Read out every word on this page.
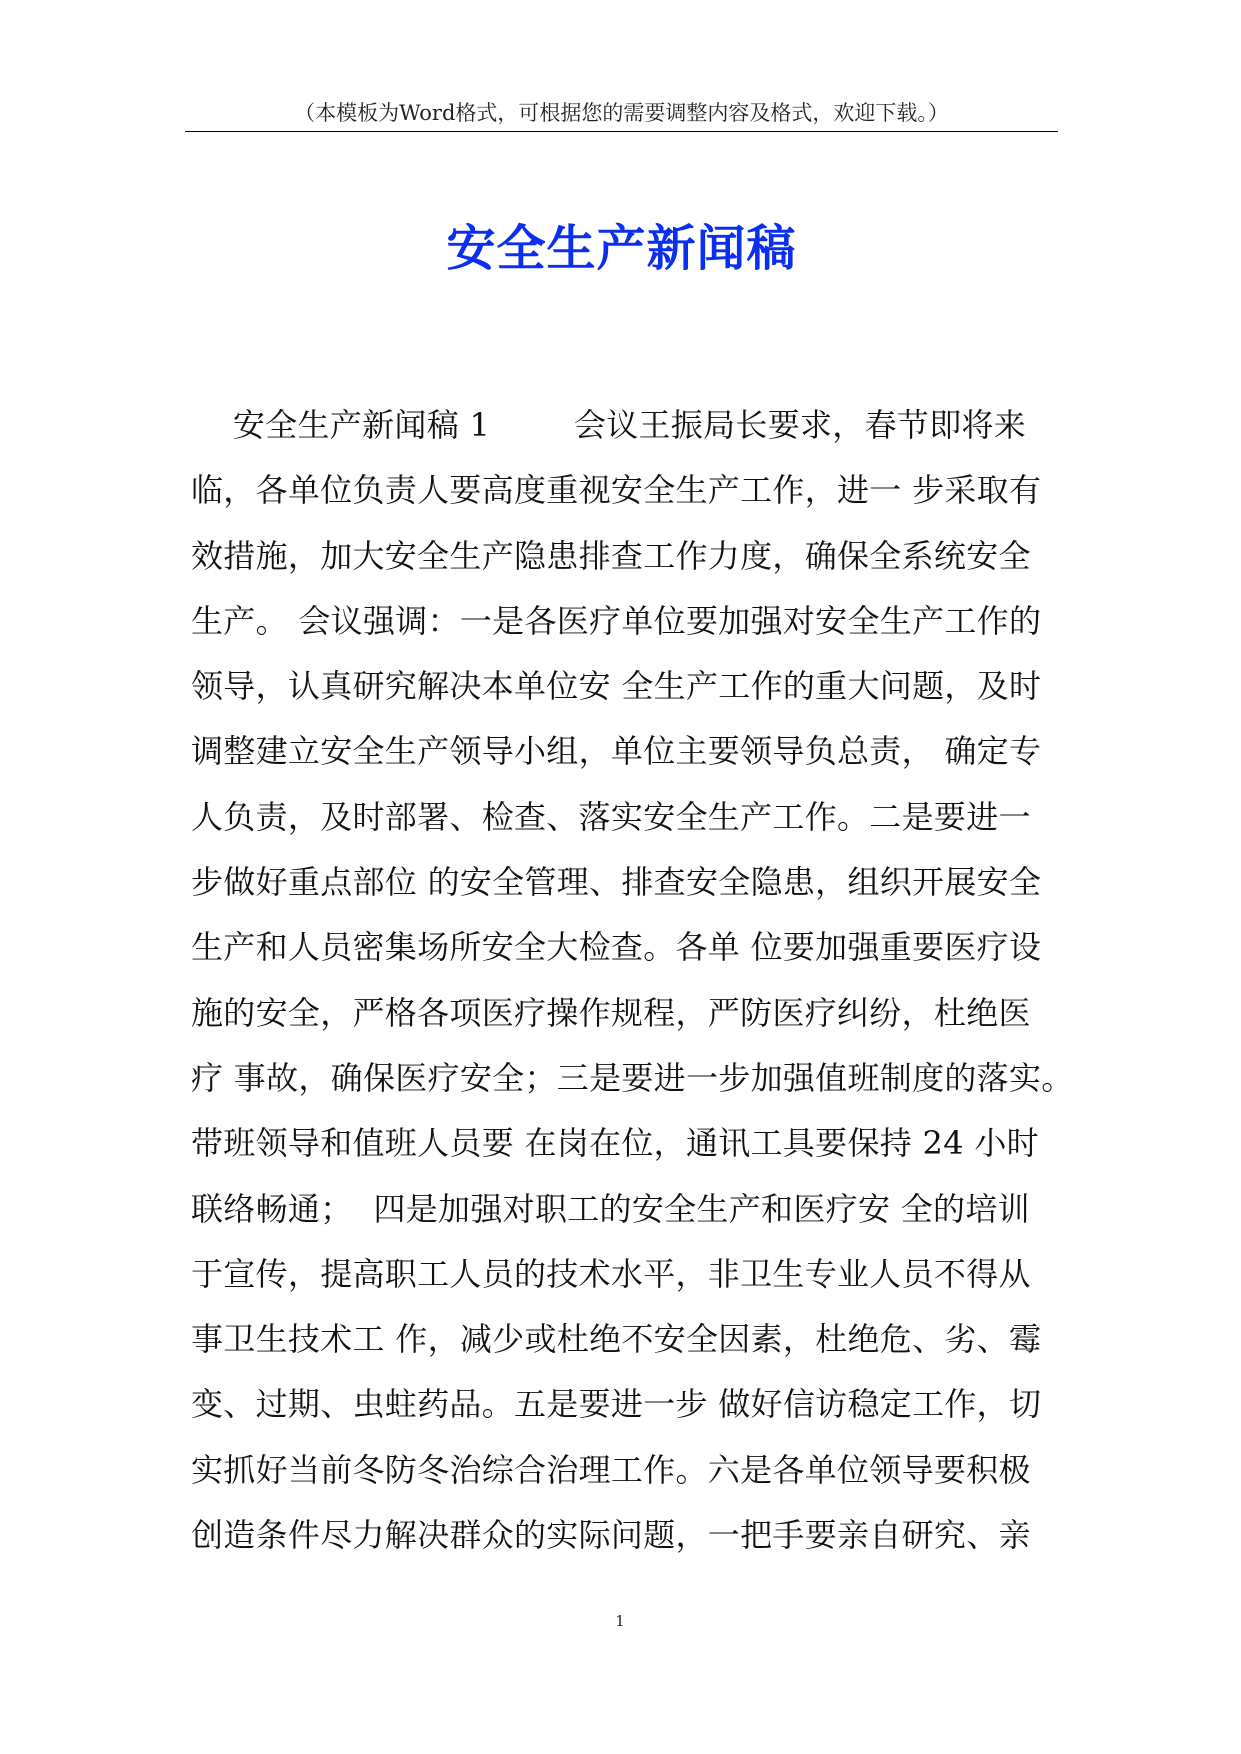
（本模板为Word格式，可根据您的需要调整内容及格式，欢迎下载。）
安全生产新闻稿
安全生产新闻稿 1        会议王振局长要求，春节即将来
临，各单位负责人要高度重视安全生产工作，进一 步采取有
效措施，加大安全生产隐患排查工作力度，确保全系统安全
生产。 会议强调：一是各医疗单位要加强对安全生产工作的
领导，认真研究解决本单位安 全生产工作的重大问题，及时
调整建立安全生产领导小组，单位主要领导负总责， 确定专
人负责，及时部署、检查、落实安全生产工作。二是要进一
步做好重点部位 的安全管理、排查安全隐患，组织开展安全
生产和人员密集场所安全大检查。各单 位要加强重要医疗设
施的安全，严格各项医疗操作规程，严防医疗纠纷，杜绝医
疗 事故，确保医疗安全；三是要进一步加强值班制度的落实。
带班领导和值班人员要 在岗在位，通讯工具要保持 24 小时
联络畅通；  四是加强对职工的安全生产和医疗安 全的培训
于宣传，提高职工人员的技术水平，非卫生专业人员不得从
事卫生技术工 作，减少或杜绝不安全因素，杜绝危、劣、霉
变、过期、虫蛀药品。五是要进一步 做好信访稳定工作，切
实抓好当前冬防冬治综合治理工作。六是各单位领导要积极
创造条件尽力解决群众的实际问题，一把手要亲自研究、亲
1
